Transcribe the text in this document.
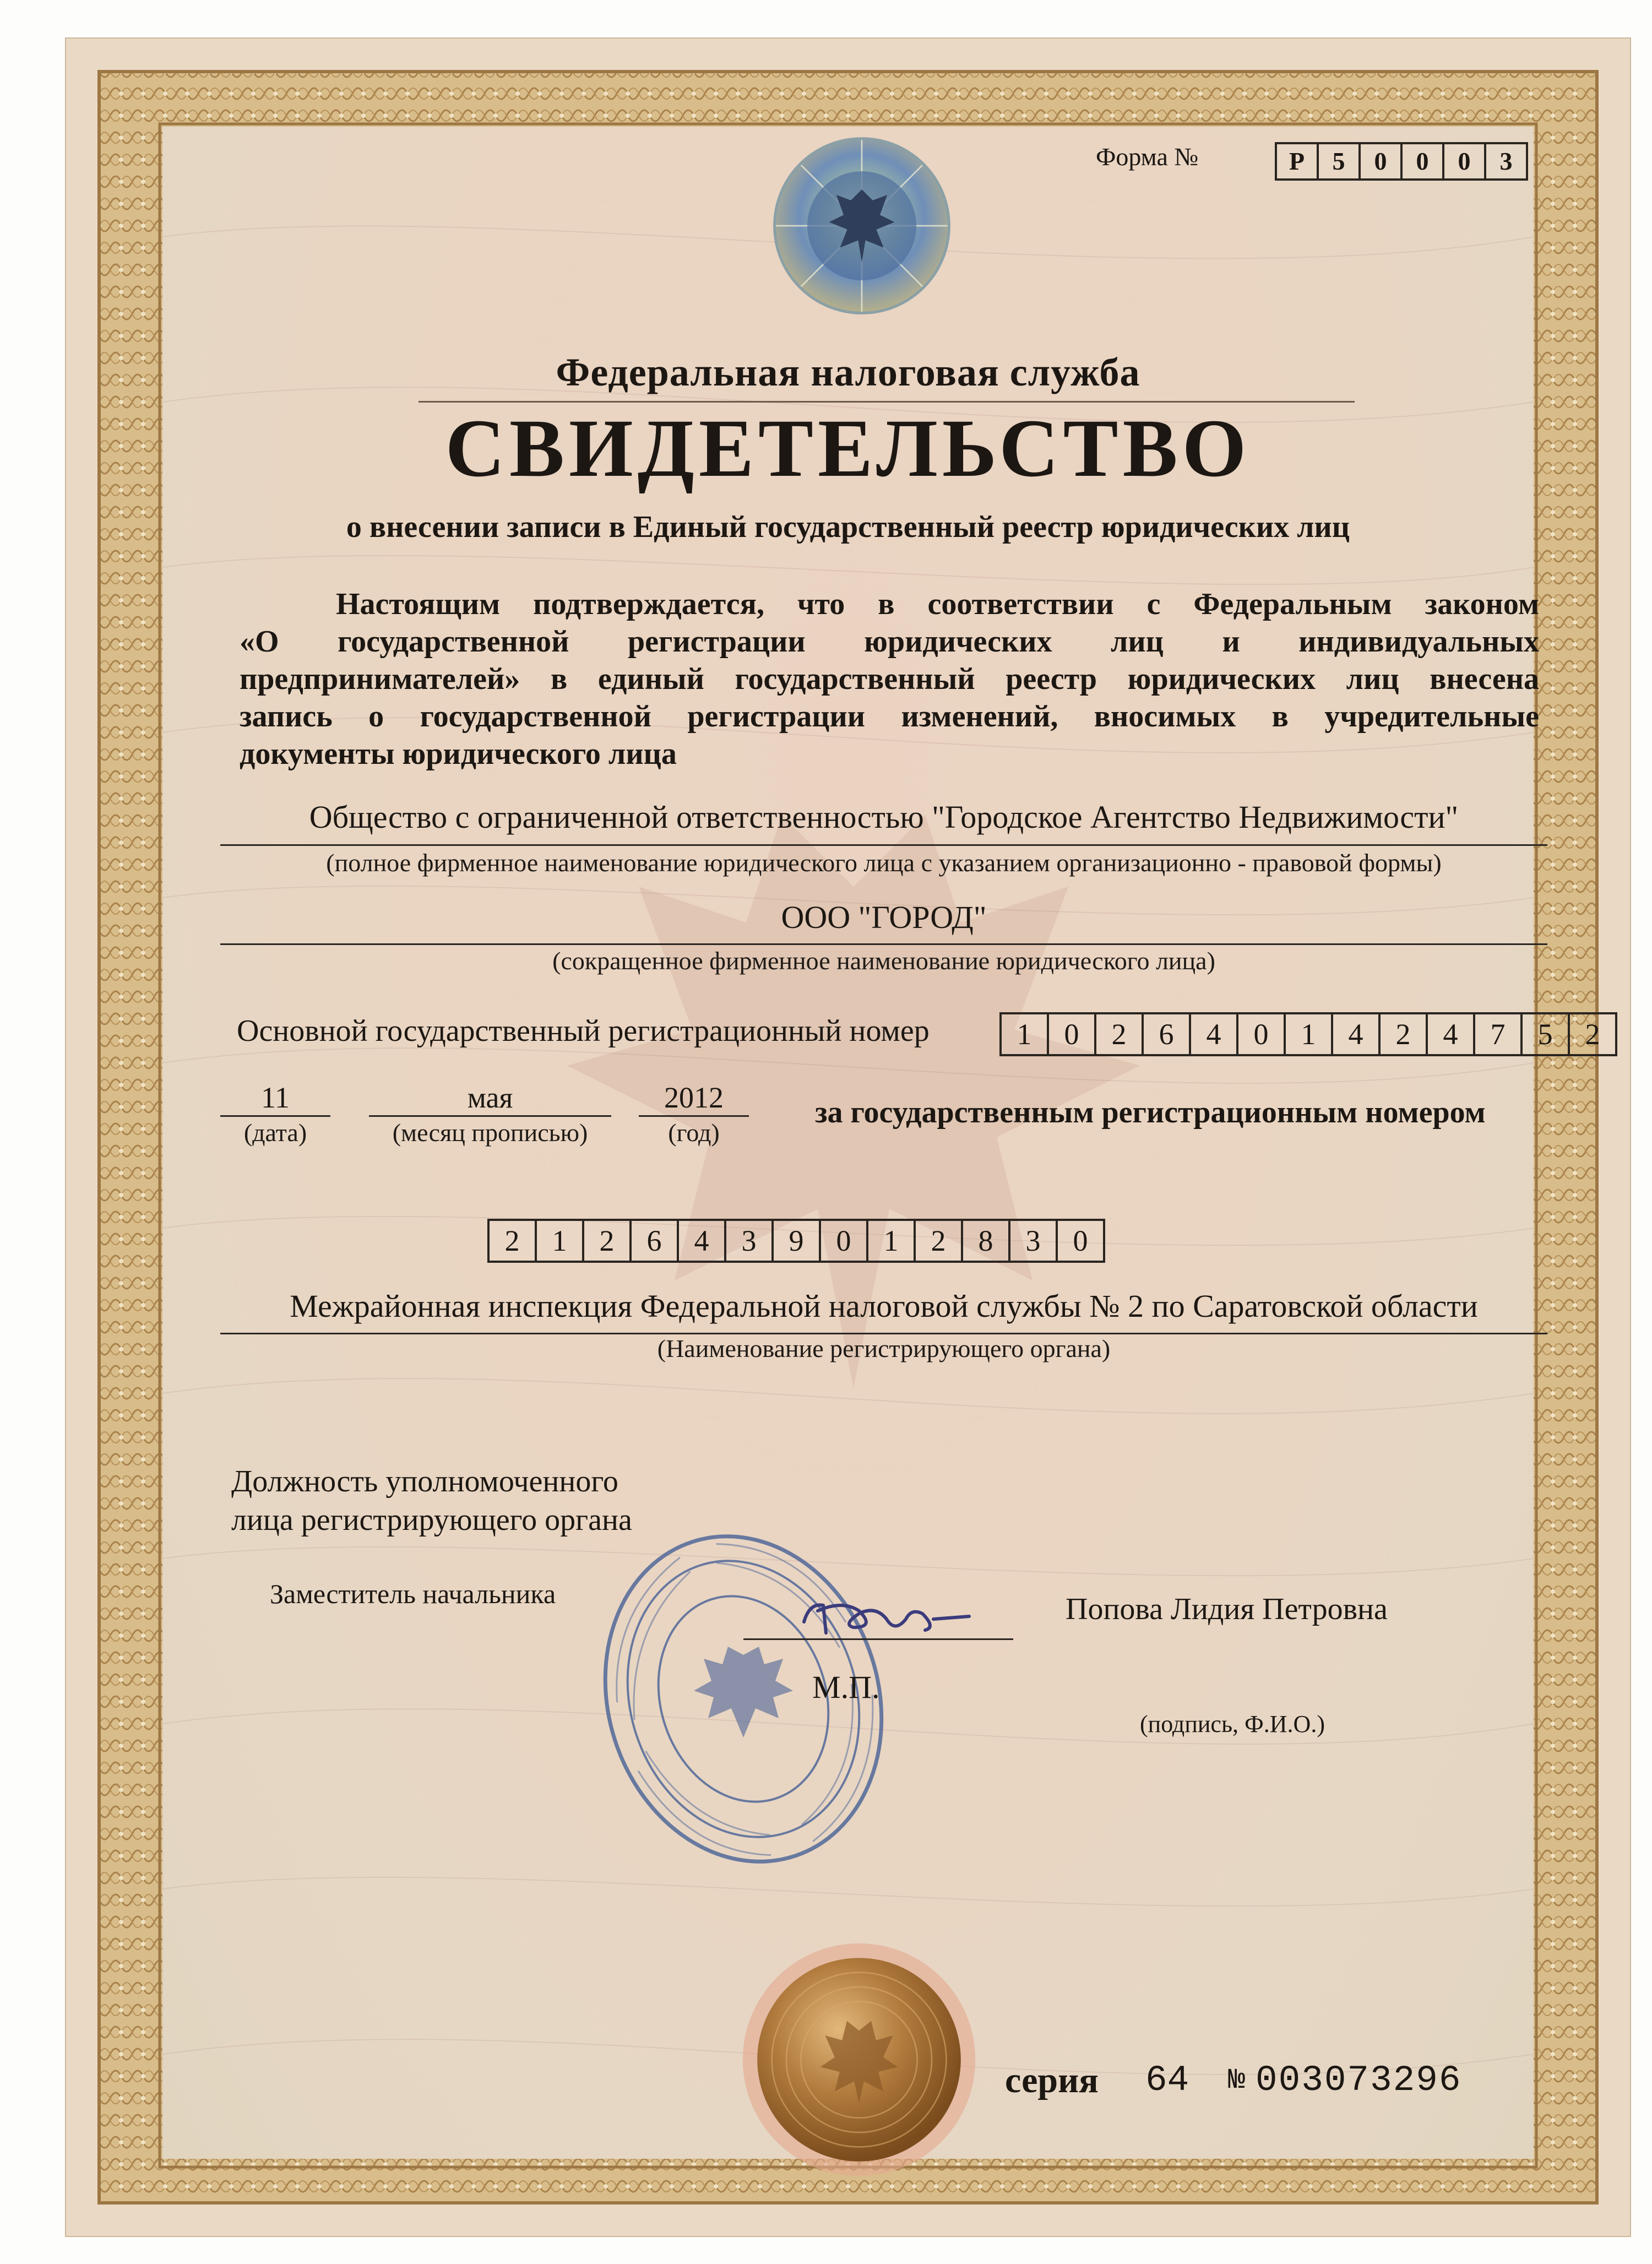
Форма №	Р	5	0	0	0	3
Федеральная налоговая служба
СВИДЕТЕЛЬСТВО
о внесении записи в Единый государственный реестр юридических лиц
Настоящим подтверждается, что в соответствии с Федеральным законом
«О государственной регистрации юридических лиц и индивидуальных
предпринимателей» в единый государственный реестр юридических лиц внесена
запись о государственной регистрации изменений, вносимых в учредительные
документы юридического лица
Общество с ограниченной ответственностью "Городское Агентство Недвижимости"
(полное фирменное наименование юридического лица с указанием организационно - правовой формы)
ООО "ГОРОД"
(сокращенное фирменное наименование юридического лица)
Основной государственный регистрационный номер	1	0	2	6	4	0	1	4	2	4	7	5	2
11
(дата)
мая
(месяц прописью)
2012
(год)
за государственным регистрационным номером
2	1	2	6	4	3	9	0	1	2	8	3	0
Межрайонная инспекция Федеральной налоговой службы № 2 по Саратовской области
(Наименование регистрирующего органа)
Должность уполномоченного
лица регистрирующего органа
Заместитель начальника	Попова Лидия Петровна
М.П.
(подпись, Ф.И.О.)
серия 64 № 003073296
